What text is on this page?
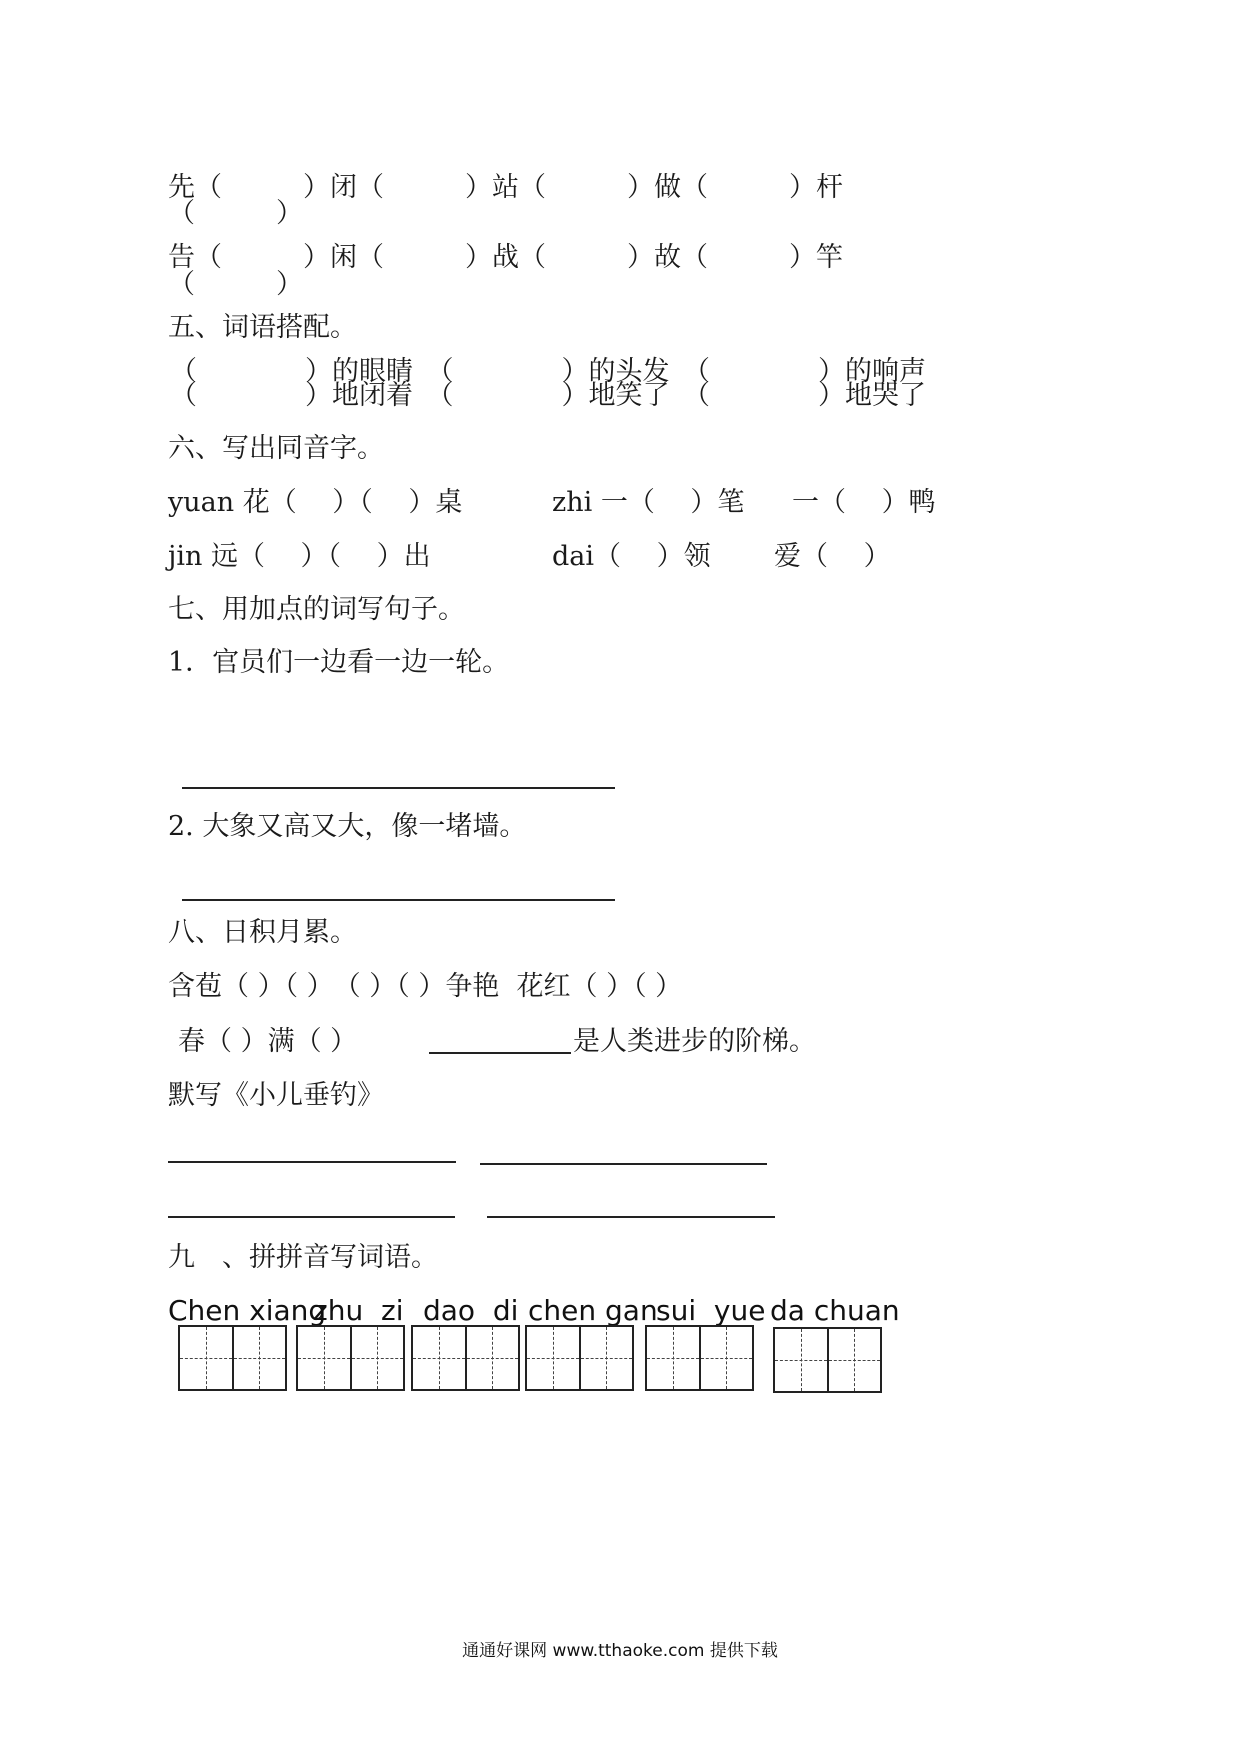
先（　　　）闭（　　　）站（　　　）做（　　　）杆
（　　　）
告（　　　）闲（　　　）战（　　　）故（　　　）竿
（　　　）
五、词语搭配。
（　　　　）的眼睛　（　　　　）的头发　（　　　　）的响声
（　　　　）地闭着　（　　　　）地笑了　（　　　　）地哭了
六、写出同音字。
yuan 花（　 ）（　 ）桌	zhi 一（　 ）笔 一（　 ）鸭
jin 远（　 ）（　 ）出	dai（　 ）领 爱（　 ）
七、用加点的词写句子。
1．官员们一边看一边一轮。
2. 大象又高又大，像一堵墙。
八、日积月累。
含苞（ ）（ ）　（ ）（ ）争艳  花红（ ）（ ）
春（ ）满（ ）	是人类进步的阶梯。
默写《小儿垂钓》
九　、拼拼音写词语。
Chen xiang
zhu  zi dao  di chen gan
sui  yue da chuan
通通好课网 www.tthaoke.com 提供下载
